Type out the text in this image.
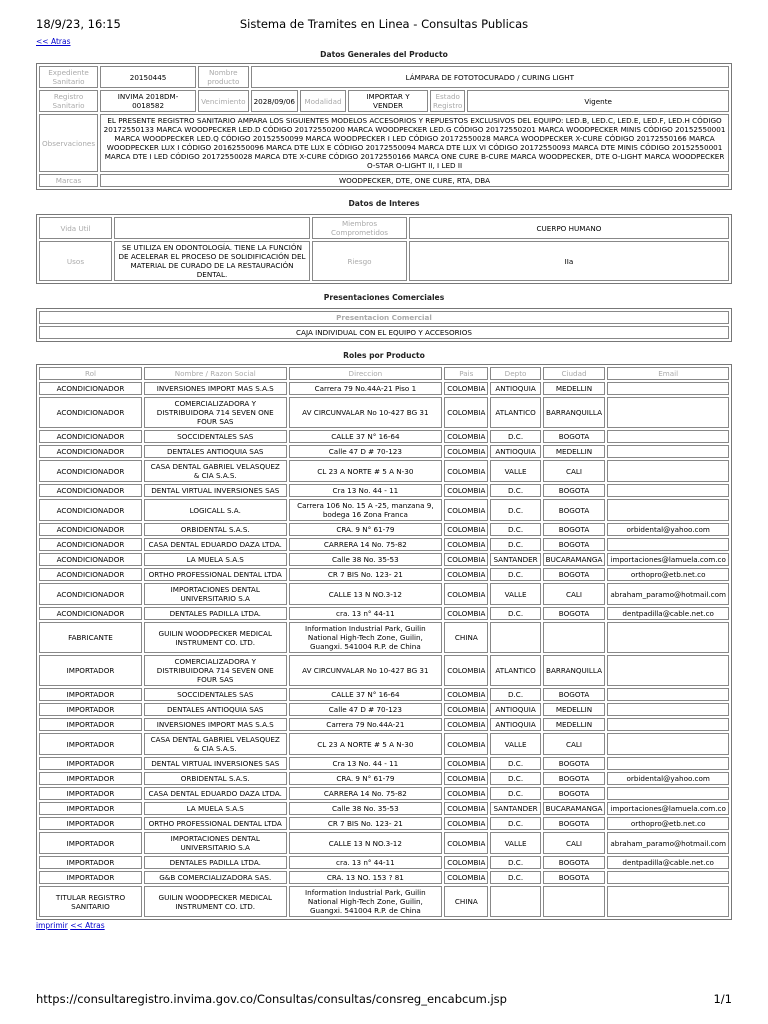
18/9/23, 16:15	Sistema de Tramites en Linea - Consultas Publicas
<< Atras
Datos Generales del Producto
Expediente Sanitario	20150445	Nombre producto	LÁMPARA DE FOTOTOCURADO / CURING LIGHT				
Registro Sanitario	INVIMA 2018DM-0018582	Vencimiento	2028/09/06	Modalidad	IMPORTAR Y VENDER	Estado Registro	Vigente
Observaciones	EL PRESENTE REGISTRO SANITARIO AMPARA LOS SIGUIENTES MODELOS ACCESORIOS Y REPUESTOS EXCLUSIVOS DEL EQUIPO: LED.B, LED.C, LED.E, LED.F, LED.H CÓDIGO 20172550133 MARCA WOODPECKER LED.D CÓDIGO 20172550200 MARCA WOODPECKER LED.G CÓDIGO 20172550201 MARCA WOODPECKER MINIS CÓDIGO 20152550001 MARCA WOODPECKER LED.Q CÓDIGO 20152550099 MARCA WOODPECKER I LED CÓDIGO 20172550028 MARCA WOODPECKER X-CURE CÓDIGO 20172550166 MARCA WOODPECKER LUX I CÓDIGO 20162550096 MARCA DTE LUX E CÓDIGO 20172550094 MARCA DTE LUX VI CÓDIGO 20172550093 MARCA DTE MINIS CÓDIGO 20152550001 MARCA DTE I LED CÓDIGO 20172550028 MARCA DTE X-CURE CÓDIGO 20172550166 MARCA ONE CURE B-CURE MARCA WOODPECKER, DTE O-LIGHT MARCA WOODPECKER O-STAR O-LIGHT II, I LED II						
Marcas	WOODPECKER, DTE, ONE CURE, RTA, DBA						
Datos de Interes
Vida Util		Miembros Comprometidos	CUERPO HUMANO
Usos	SE UTILIZA EN ODONTOLOGÍA. TIENE LA FUNCIÓN DE ACELERAR EL PROCESO DE SOLIDIFICACIÓN DEL MATERIAL DE CURADO DE LA RESTAURACIÓN DENTAL.	Riesgo	IIa
Presentaciones Comerciales
Presentacion Comercial
CAJA INDIVIDUAL CON EL EQUIPO Y ACCESORIOS
Roles por Producto
Rol	Nombre / Razon Social	Direccion	Pais	Depto	Ciudad	Email
ACONDICIONADOR	INVERSIONES IMPORT MAS S.A.S	Carrera 79 No.44A-21 Piso 1	COLOMBIA	ANTIOQUIA	MEDELLIN	
ACONDICIONADOR	COMERCIALIZADORA Y DISTRIBUIDORA 714 SEVEN ONE FOUR SAS	AV CIRCUNVALAR No 10-427 BG 31	COLOMBIA	ATLANTICO	BARRANQUILLA	
ACONDICIONADOR	SOCCIDENTALES SAS	CALLE 37 N° 16-64	COLOMBIA	D.C.	BOGOTA	
ACONDICIONADOR	DENTALES ANTIOQUIA SAS	Calle 47 D # 70-123	COLOMBIA	ANTIOQUIA	MEDELLIN	
ACONDICIONADOR	CASA DENTAL GABRIEL VELASQUEZ & CIA S.A.S.	CL 23 A NORTE # 5 A N-30	COLOMBIA	VALLE	CALI	
ACONDICIONADOR	DENTAL VIRTUAL INVERSIONES SAS	Cra 13 No. 44 - 11	COLOMBIA	D.C.	BOGOTA	
ACONDICIONADOR	LOGICALL S.A.	Carrera 106 No. 15 A -25, manzana 9, bodega 16 Zona Franca	COLOMBIA	D.C.	BOGOTA	
ACONDICIONADOR	ORBIDENTAL S.A.S.	CRA. 9 N° 61-79	COLOMBIA	D.C.	BOGOTA	orbidental@yahoo.com
ACONDICIONADOR	CASA DENTAL EDUARDO DAZA LTDA.	CARRERA 14 No. 75-82	COLOMBIA	D.C.	BOGOTA	
ACONDICIONADOR	LA MUELA S.A.S	Calle 38 No. 35-53	COLOMBIA	SANTANDER	BUCARAMANGA	importaciones@lamuela.com.co
ACONDICIONADOR	ORTHO PROFESSIONAL DENTAL LTDA	CR 7 BIS No. 123- 21	COLOMBIA	D.C.	BOGOTA	orthopro@etb.net.co
ACONDICIONADOR	IMPORTACIONES DENTAL UNIVERSITARIO S.A	CALLE 13 N NO.3-12	COLOMBIA	VALLE	CALI	abraham_paramo@hotmail.com
ACONDICIONADOR	DENTALES PADILLA LTDA.	cra. 13 n° 44-11	COLOMBIA	D.C.	BOGOTA	dentpadilla@cable.net.co
FABRICANTE	GUILIN WOODPECKER MEDICAL INSTRUMENT CO. LTD.	Information Industrial Park, Guilin National High-Tech Zone, Guilin, Guangxi. 541004 R.P. de China	CHINA			
IMPORTADOR	COMERCIALIZADORA Y DISTRIBUIDORA 714 SEVEN ONE FOUR SAS	AV CIRCUNVALAR No 10-427 BG 31	COLOMBIA	ATLANTICO	BARRANQUILLA	
IMPORTADOR	SOCCIDENTALES SAS	CALLE 37 N° 16-64	COLOMBIA	D.C.	BOGOTA	
IMPORTADOR	DENTALES ANTIOQUIA SAS	Calle 47 D # 70-123	COLOMBIA	ANTIOQUIA	MEDELLIN	
IMPORTADOR	INVERSIONES IMPORT MAS S.A.S	Carrera 79 No.44A-21	COLOMBIA	ANTIOQUIA	MEDELLIN	
IMPORTADOR	CASA DENTAL GABRIEL VELASQUEZ & CIA S.A.S.	CL 23 A NORTE # 5 A N-30	COLOMBIA	VALLE	CALI	
IMPORTADOR	DENTAL VIRTUAL INVERSIONES SAS	Cra 13 No. 44 - 11	COLOMBIA	D.C.	BOGOTA	
IMPORTADOR	ORBIDENTAL S.A.S.	CRA. 9 N° 61-79	COLOMBIA	D.C.	BOGOTA	orbidental@yahoo.com
IMPORTADOR	CASA DENTAL EDUARDO DAZA LTDA.	CARRERA 14 No. 75-82	COLOMBIA	D.C.	BOGOTA	
IMPORTADOR	LA MUELA S.A.S	Calle 38 No. 35-53	COLOMBIA	SANTANDER	BUCARAMANGA	importaciones@lamuela.com.co
IMPORTADOR	ORTHO PROFESSIONAL DENTAL LTDA	CR 7 BIS No. 123- 21	COLOMBIA	D.C.	BOGOTA	orthopro@etb.net.co
IMPORTADOR	IMPORTACIONES DENTAL UNIVERSITARIO S.A	CALLE 13 N NO.3-12	COLOMBIA	VALLE	CALI	abraham_paramo@hotmail.com
IMPORTADOR	DENTALES PADILLA LTDA.	cra. 13 n° 44-11	COLOMBIA	D.C.	BOGOTA	dentpadilla@cable.net.co
IMPORTADOR	G&B COMERCIALIZADORA SAS.	CRA. 13 NO. 153 ? 81	COLOMBIA	D.C.	BOGOTA	
TITULAR REGISTRO SANITARIO	GUILIN WOODPECKER MEDICAL INSTRUMENT CO. LTD.	Information Industrial Park, Guilin National High-Tech Zone, Guilin, Guangxi. 541004 R.P. de China	CHINA			
imprimir << Atras
https://consultaregistro.invima.gov.co/Consultas/consultas/consreg_encabcum.jsp	1/1
